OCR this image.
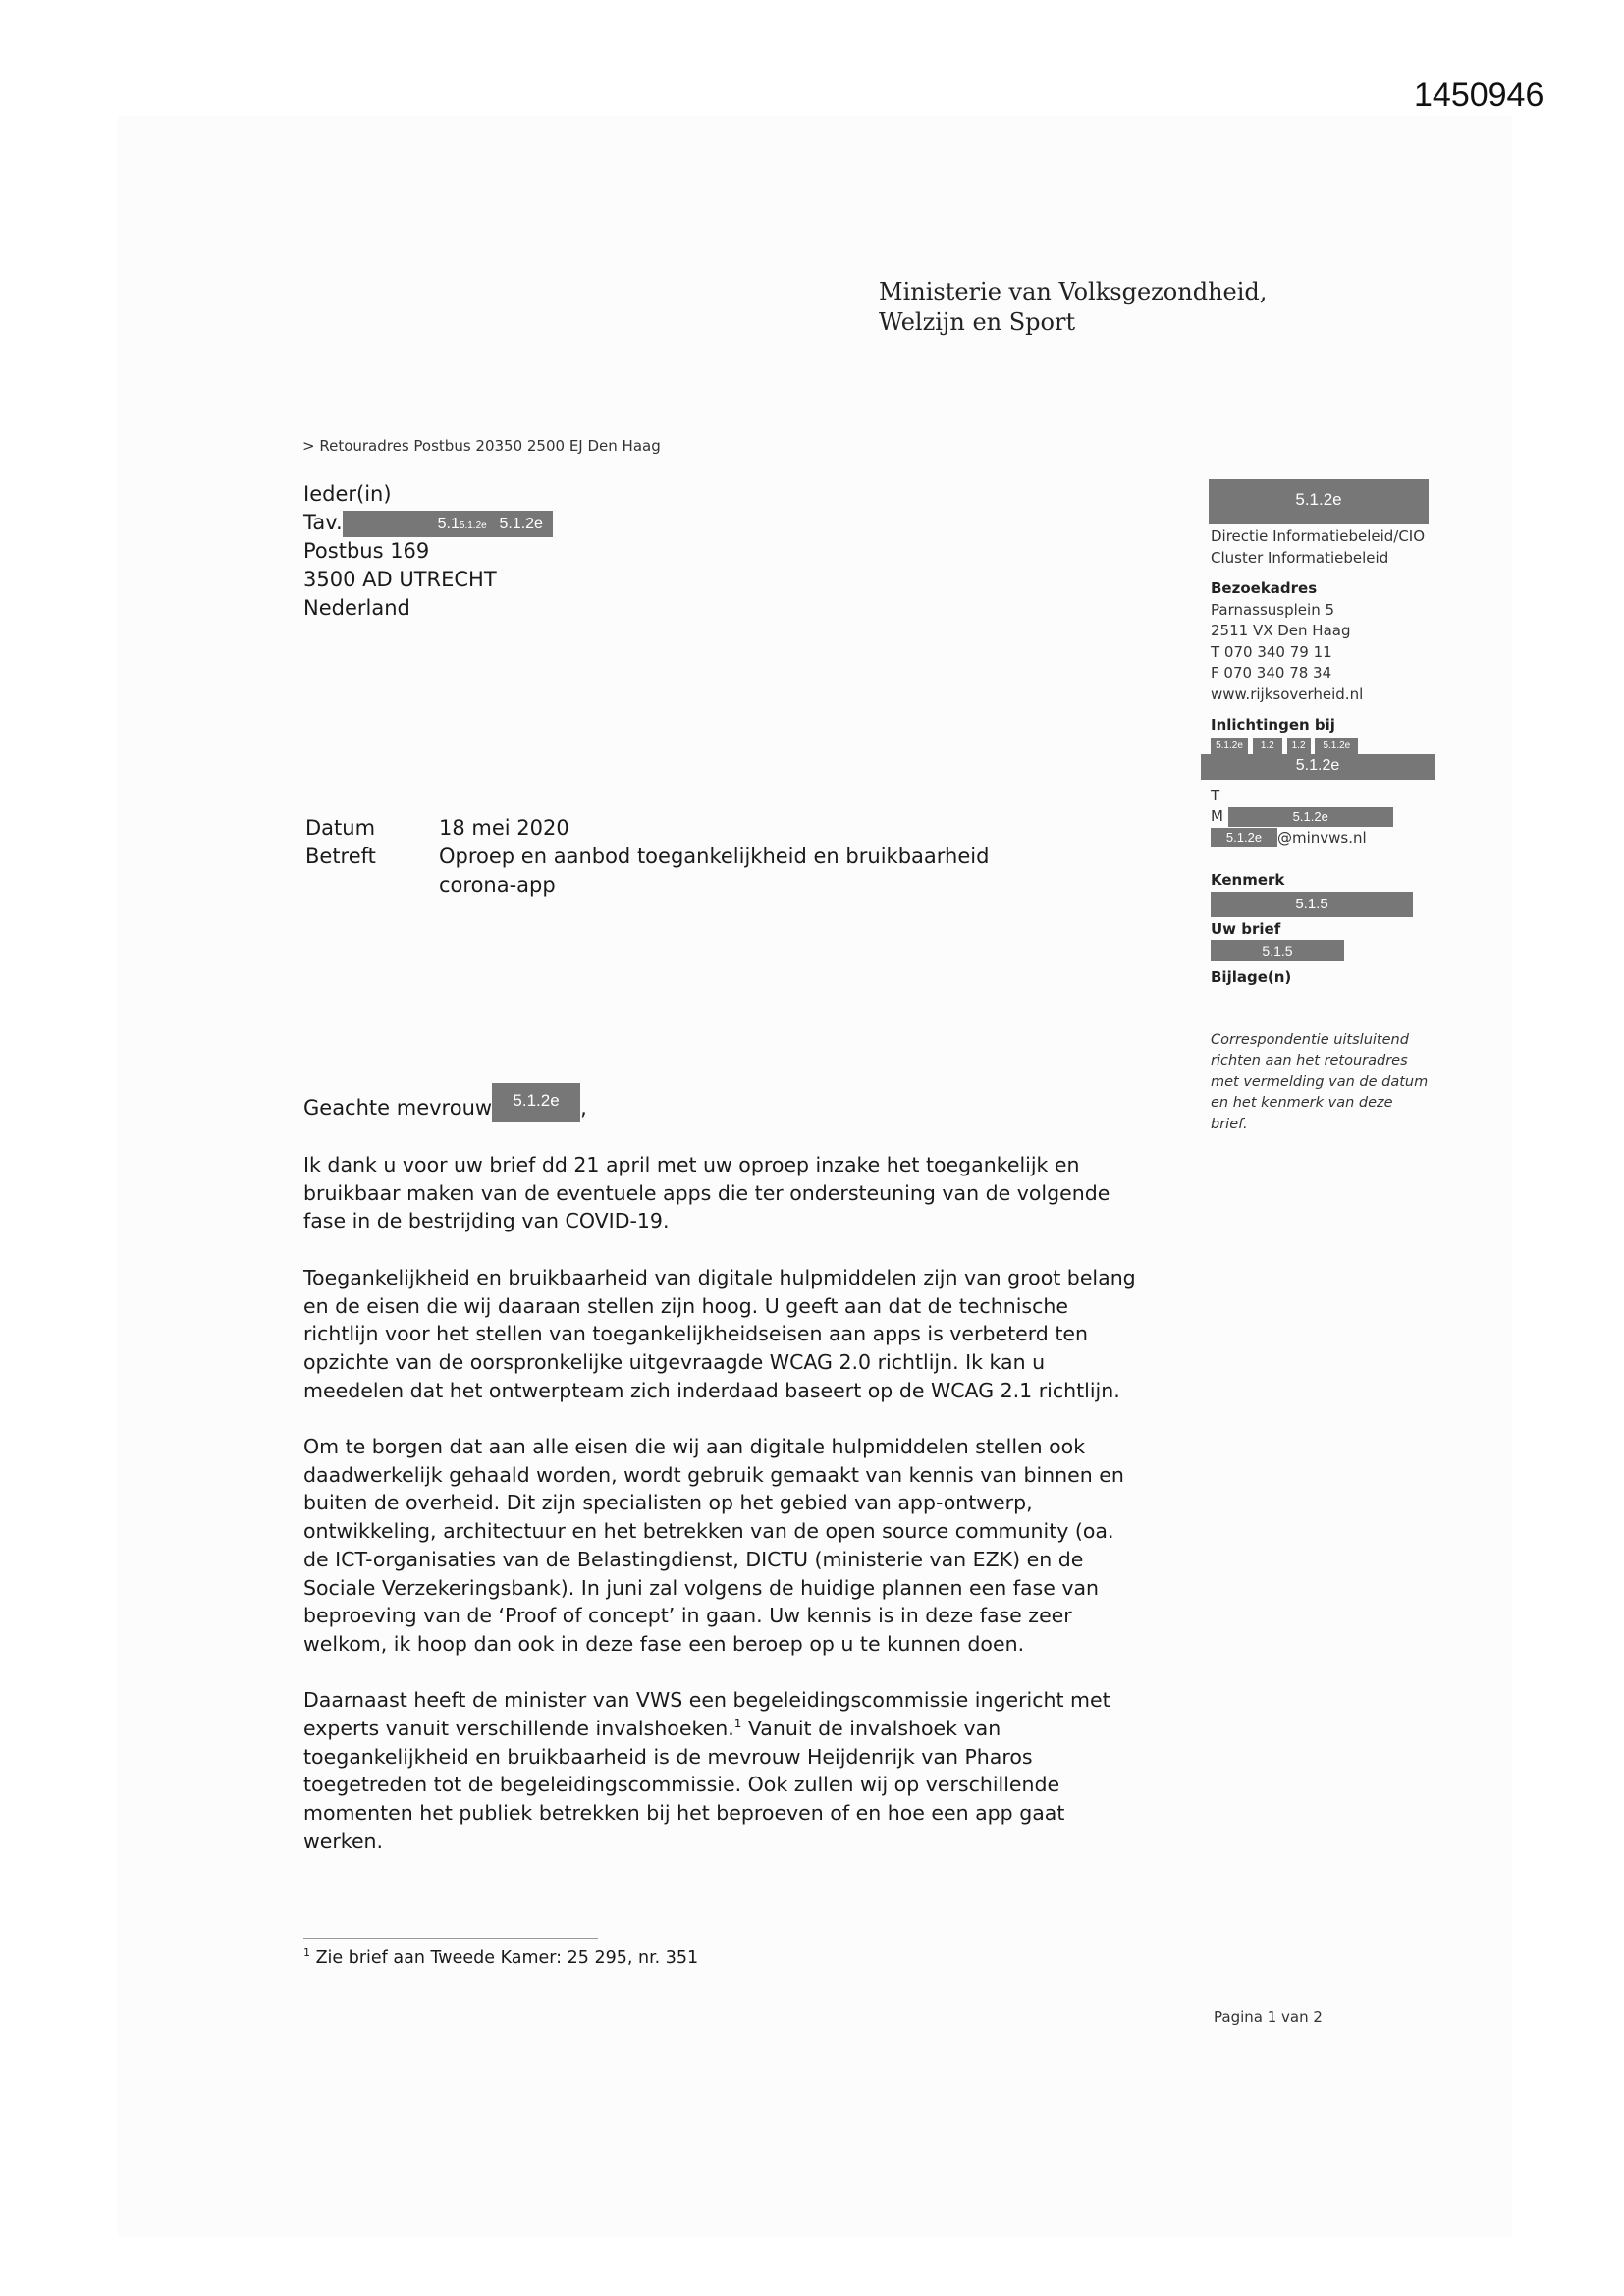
1450946
Ministerie van Volksgezondheid,
Welzijn en Sport
> Retouradres Postbus 20350 2500 EJ Den Haag
Ieder(in)
Tav.	5.15.1.2e 5.1.2e
Postbus 169
3500 AD UTRECHT
Nederland
Datum	18 mei 2020
Betreft	Oproep en aanbod toegankelijkheid en bruikbaarheid
corona-app
Geachte mevrouw	5.1.2e	,

Ik dank u voor uw brief dd 21 april met uw oproep inzake het toegankelijk en
bruikbaar maken van de eventuele apps die ter ondersteuning van de volgende
fase in de bestrijding van COVID-19.

Toegankelijkheid en bruikbaarheid van digitale hulpmiddelen zijn van groot belang
en de eisen die wij daaraan stellen zijn hoog. U geeft aan dat de technische
richtlijn voor het stellen van toegankelijkheidseisen aan apps is verbeterd ten
opzichte van de oorspronkelijke uitgevraagde WCAG 2.0 richtlijn. Ik kan u
meedelen dat het ontwerpteam zich inderdaad baseert op de WCAG 2.1 richtlijn.

Om te borgen dat aan alle eisen die wij aan digitale hulpmiddelen stellen ook
daadwerkelijk gehaald worden, wordt gebruik gemaakt van kennis van binnen en
buiten de overheid. Dit zijn specialisten op het gebied van app-ontwerp,
ontwikkeling, architectuur en het betrekken van de open source community (oa.
de ICT-organisaties van de Belastingdienst, DICTU (ministerie van EZK) en de
Sociale Verzekeringsbank). In juni zal volgens de huidige plannen een fase van
beproeving van de ‘Proof of concept’ in gaan. Uw kennis is in deze fase zeer
welkom, ik hoop dan ook in deze fase een beroep op u te kunnen doen.

Daarnaast heeft de minister van VWS een begeleidingscommissie ingericht met
experts vanuit verschillende invalshoeken.$^1$ Vanuit de invalshoek van
toegankelijkheid en bruikbaarheid is de mevrouw Heijdenrijk van Pharos
toegetreden tot de begeleidingscommissie. Ook zullen wij op verschillende
momenten het publiek betrekken bij het beproeven of en hoe een app gaat
werken.

$^1$ Zie brief aan Tweede Kamer: 25 295, nr. 351
5.1.2e
Directie Informatiebeleid/CIO
Cluster Informatiebeleid
Bezoekadres
Parnassusplein 5
2511 VX Den Haag
T 070 340 79 11
F 070 340 78 34
www.rijksoverheid.nl
Inlichtingen bij
5.1.2e 1.2 1.2 5.1.2e
5.1.2e
T
M	5.1.2e
5.1.2e @minvws.nl
Kenmerk
5.1.5
Uw brief
5.1.5
Bijlage(n)
Correspondentie uitsluitend
richten aan het retouradres
met vermelding van de datum
en het kenmerk van deze
brief.
Pagina 1 van 2
